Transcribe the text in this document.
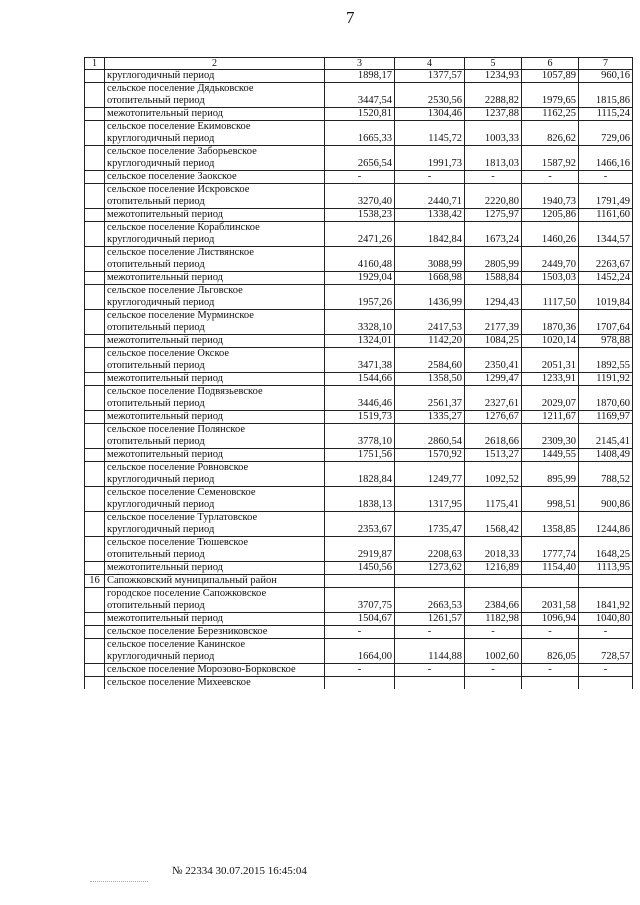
7
1	2	3	4	5	6	7
	круглогодичный период	1898,17	1377,57	1234,93	1057,89	960,16
	сельское поселение Дядьковское					
	отопительный период	3447,54	2530,56	2288,82	1979,65	1815,86
	межотопительный период	1520,81	1304,46	1237,88	1162,25	1115,24
	сельское поселение Екимовское					
	круглогодичный период	1665,33	1145,72	1003,33	826,62	729,06
	сельское поселение Заборьевское					
	круглогодичный период	2656,54	1991,73	1813,03	1587,92	1466,16
	сельское поселение Заокское	-	-	-	-	-
	сельское поселение Искровское					
	отопительный период	3270,40	2440,71	2220,80	1940,73	1791,49
	межотопительный период	1538,23	1338,42	1275,97	1205,86	1161,60
	сельское поселение Кораблинское					
	круглогодичный период	2471,26	1842,84	1673,24	1460,26	1344,57
	сельское поселение Листвянское					
	отопительный период	4160,48	3088,99	2805,99	2449,70	2263,67
	межотопительный период	1929,04	1668,98	1588,84	1503,03	1452,24
	сельское поселение Льговское					
	круглогодичный период	1957,26	1436,99	1294,43	1117,50	1019,84
	сельское поселение Мурминское					
	отопительный период	3328,10	2417,53	2177,39	1870,36	1707,64
	межотопительный период	1324,01	1142,20	1084,25	1020,14	978,88
	сельское поселение Окское					
	отопительный период	3471,38	2584,60	2350,41	2051,31	1892,55
	межотопительный период	1544,66	1358,50	1299,47	1233,91	1191,92
	сельское поселение Подвязьевское					
	отопительный период	3446,46	2561,37	2327,61	2029,07	1870,60
	межотопительный период	1519,73	1335,27	1276,67	1211,67	1169,97
	сельское поселение Полянское					
	отопительный период	3778,10	2860,54	2618,66	2309,30	2145,41
	межотопительный период	1751,56	1570,92	1513,27	1449,55	1408,49
	сельское поселение Ровновское					
	круглогодичный период	1828,84	1249,77	1092,52	895,99	788,52
	сельское поселение Семеновское					
	круглогодичный период	1838,13	1317,95	1175,41	998,51	900,86
	сельское поселение Турлатовское					
	круглогодичный период	2353,67	1735,47	1568,42	1358,85	1244,86
	сельское поселение Тюшевское					
	отопительный период	2919,87	2208,63	2018,33	1777,74	1648,25
	межотопительный период	1450,56	1273,62	1216,89	1154,40	1113,95
16	Сапожковский муниципальный район					
	городское поселение Сапожковское					
	отопительный период	3707,75	2663,53	2384,66	2031,58	1841,92
	межотопительный период	1504,67	1261,57	1182,98	1096,94	1040,80
	сельское поселение Березниковское	-	-	-	-	-
	сельское поселение Канинское					
	круглогодичный период	1664,00	1144,88	1002,60	826,05	728,57
	сельское поселение Морозово-Борковское	-	-	-	-	-
	сельское поселение Михеевское					
№ 22334 30.07.2015 16:45:04
